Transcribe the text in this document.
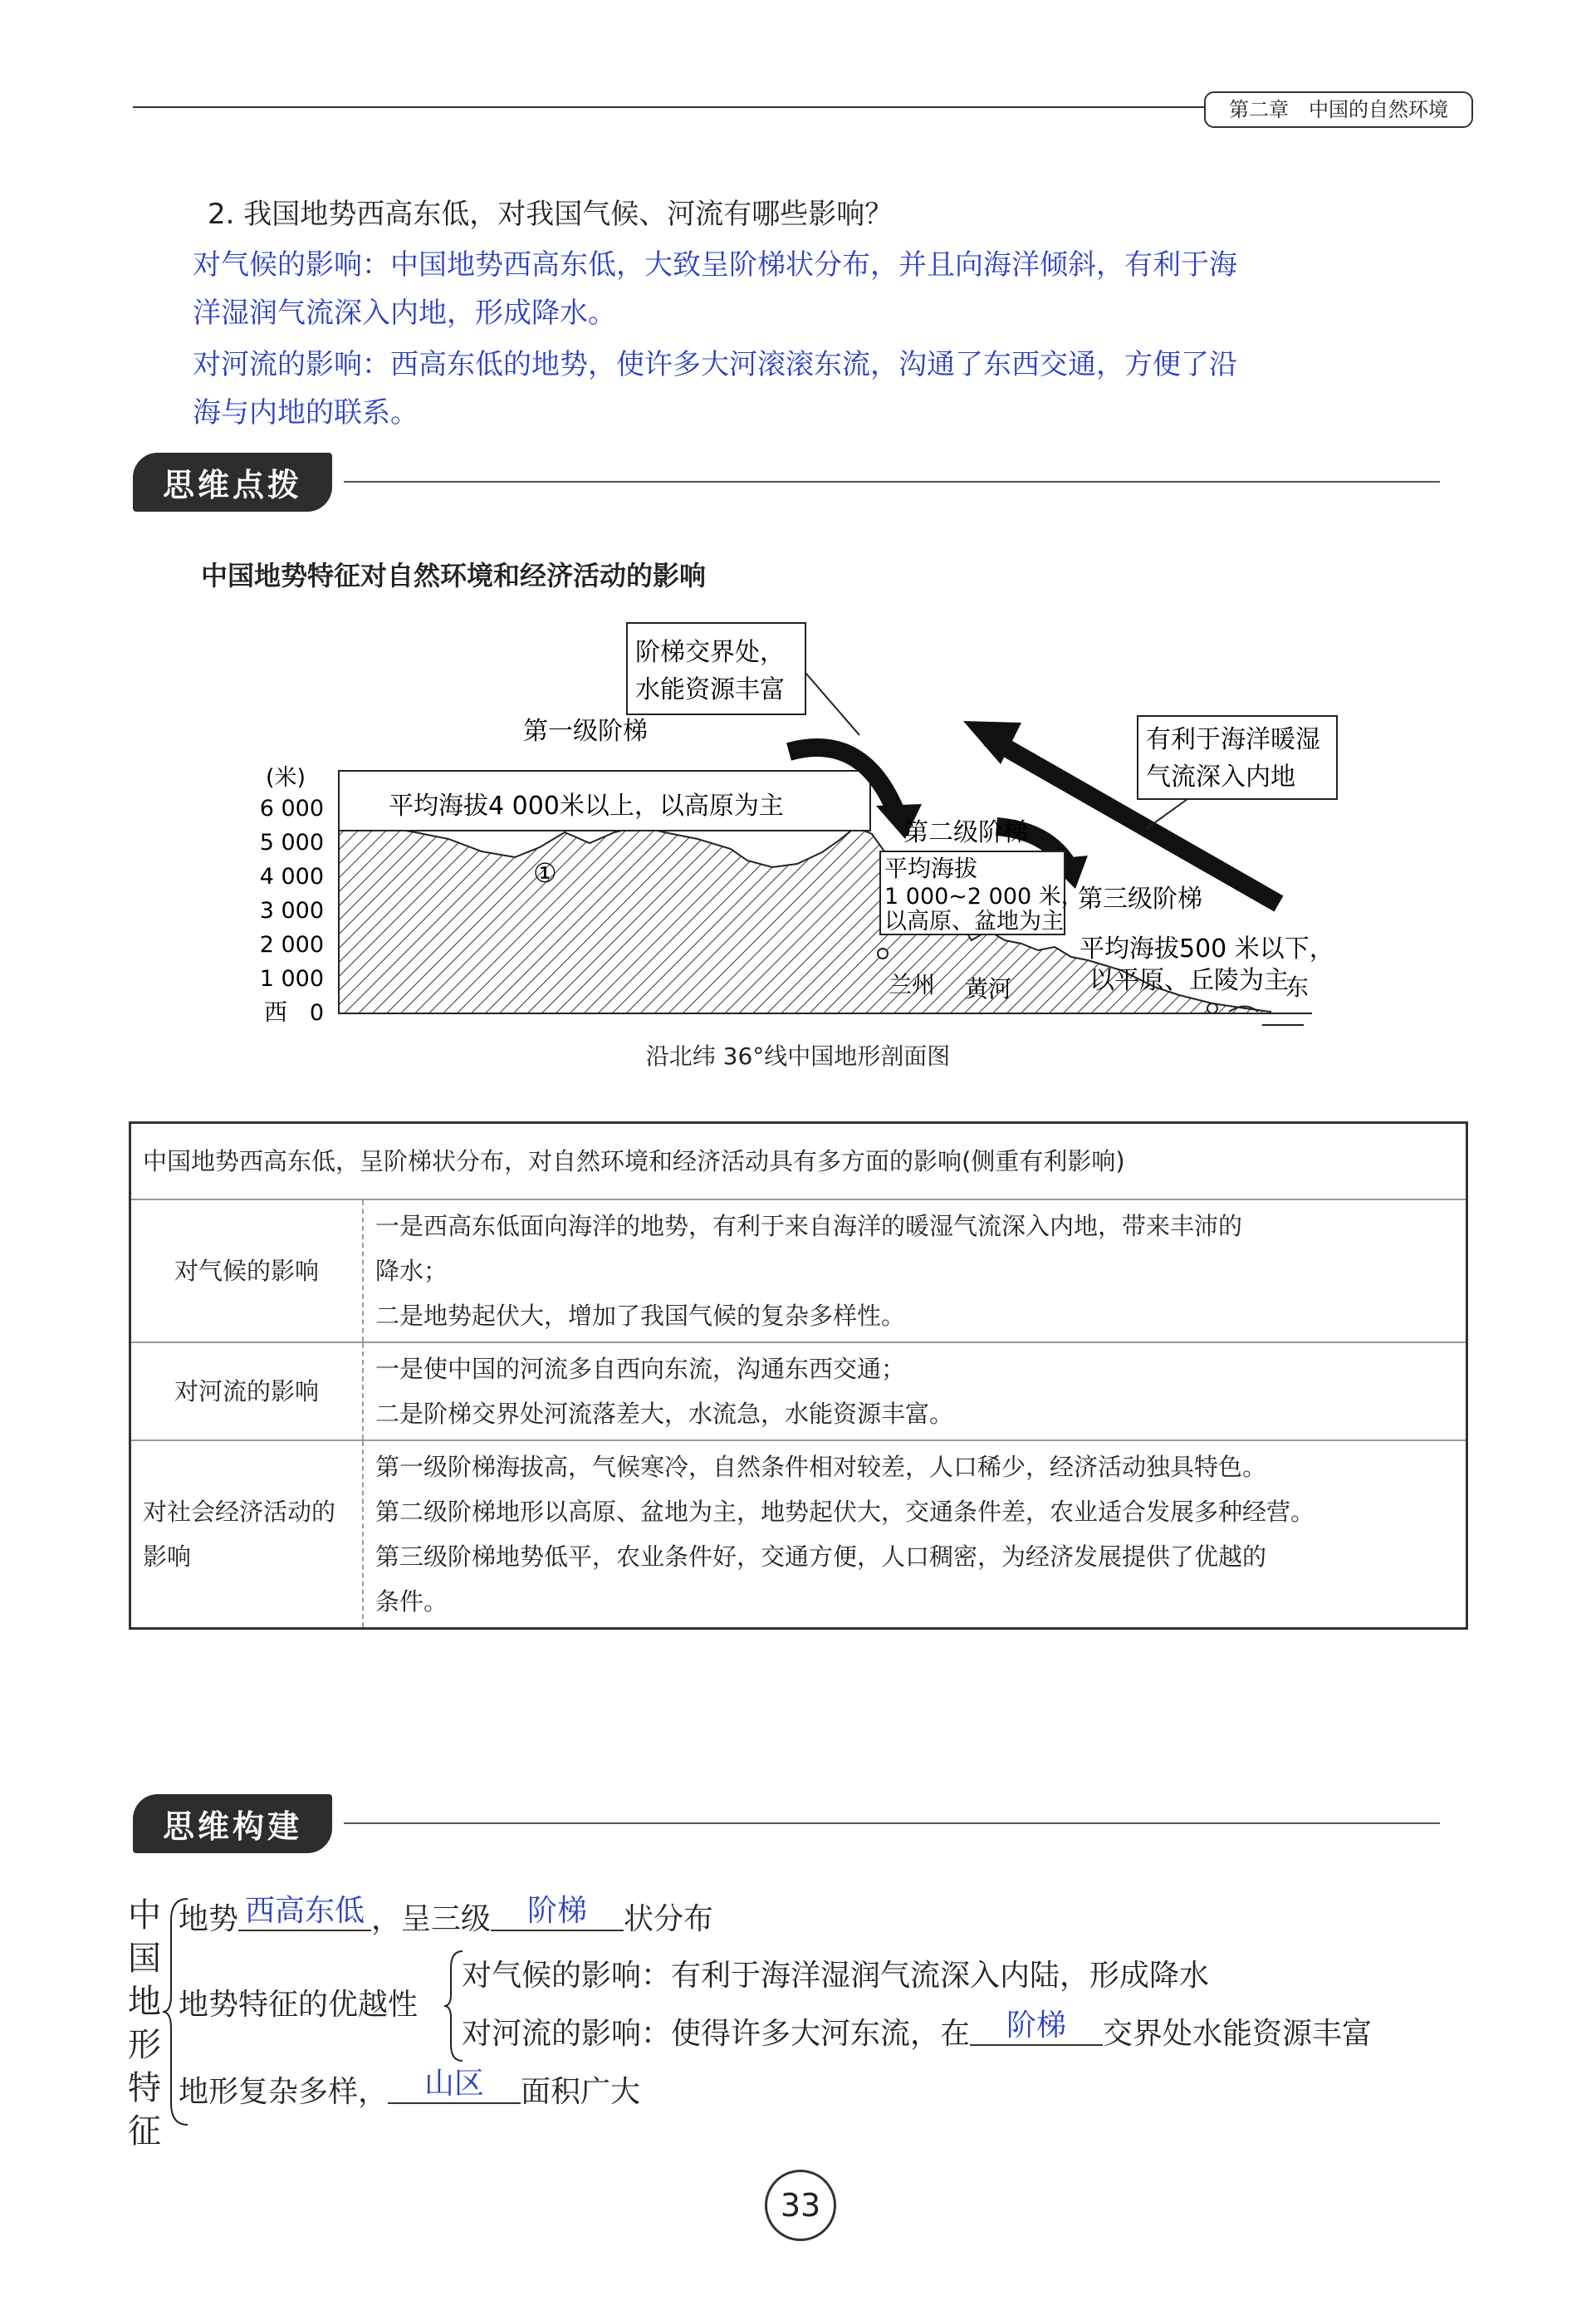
第二章　中国的自然环境
2. 我国地势西高东低，对我国气候、河流有哪些影响？
对气候的影响：中国地势西高东低，大致呈阶梯状分布，并且向海洋倾斜，有利于海
洋湿润气流深入内地，形成降水。
对河流的影响：西高东低的地势，使许多大河滚滚东流，沟通了东西交通，方便了沿
海与内地的联系。
思维点拨
中国地势特征对自然环境和经济活动的影响
(米)
6 000
5 000
4 000
3 000
2 000
1 000
0
西
东
平均海拔4 000米以上，以高原为主
第一级阶梯
①
阶梯交界处，
水能资源丰富
有利于海洋暖湿
气流深入内地
第二级阶梯
平均海拔
1 000~2 000 米，
以高原、盆地为主
第三级阶梯
平均海拔500 米以下，
以平原、丘陵为主
兰州 黄河
沿北纬 36°线中国地形剖面图
中国地势西高东低，呈阶梯状分布，对自然环境和经济活动具有多方面的影响(侧重有利影响)	
对气候的影响	一是西高东低面向海洋的地势，有利于来自海洋的暖湿气流深入内地，带来丰沛的
降水；
二是地势起伏大，增加了我国气候的复杂多样性。

对河流的影响	一是使中国的河流多自西向东流，沟通东西交通；
二是阶梯交界处河流落差大，水流急，水能资源丰富。

对社会经济活动的影响	第一级阶梯海拔高，气候寒冷，自然条件相对较差，人口稀少，经济活动独具特色。
第二级阶梯地形以高原、盆地为主，地势起伏大，交通条件差，农业适合发展多种经营。
第三级阶梯地势低平，农业条件好，交通方便，人口稠密，为经济发展提供了优越的
条件。
思维构建
中国地形特征
地势 西高东低 ，呈三级 阶梯 状分布
地势特征的优越性
对气候的影响：有利于海洋湿润气流深入内陆，形成降水
对河流的影响：使得许多大河东流，在 阶梯 交界处水能资源丰富
地形复杂多样， 山区 面积广大
33
